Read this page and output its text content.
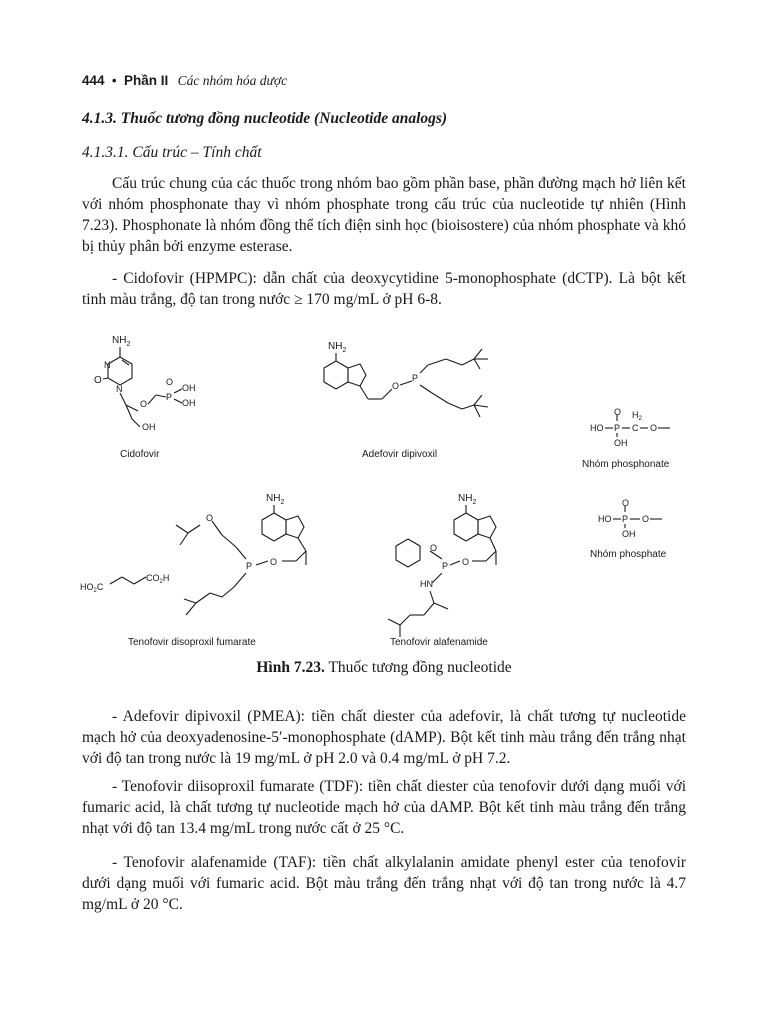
444 • Phần II Các nhóm hóa dược
4.1.3. Thuốc tương đồng nucleotide (Nucleotide analogs)
4.1.3.1. Cấu trúc – Tính chất

Cấu trúc chung của các thuốc trong nhóm bao gồm phần base, phần đường mạch hở liên kết với nhóm phosphonate thay vì nhóm phosphate trong cấu trúc của nucleotide tự nhiên (Hình 7.23). Phosphonate là nhóm đồng thể tích điện sinh học (bioisostere) của nhóm phosphate và khó bị thủy phân bởi enzyme esterase.

- Cidofovir (HPMPC): dẫn chất của deoxycytidine 5-monophosphate (dCTP). Là bột kết tinh màu trắng, độ tan trong nước ≥ 170 mg/mL ở pH 6-8.

$NH_2$
O
N
N
OH
O
P
O
OH
OH
Cidofovir
$NH_2$
O
P
Adefovir dipivoxil
HO P
O
OH
$H_2$
C O
Nhóm phosphonate
$NH_2$
O
P
O
$HO_2C$
$CO_2H$
Tenofovir disoproxil fumarate
$NH_2$
O
P
O
HN
Tenofovir alafenamide
HO P
O
OH
O
Nhóm phosphate
Hình 7.23. Thuốc tương đồng nucleotide

- Adefovir dipivoxil (PMEA): tiền chất diester của adefovir, là chất tương tự nucleotide mạch hở của deoxyadenosine-5′-monophosphate (dAMP). Bột kết tinh màu trắng đến trắng nhạt với độ tan trong nước là 19 mg/mL ở pH 2.0 và 0.4 mg/mL ở pH 7.2.

- Tenofovir diisoproxil fumarate (TDF): tiền chất diester của tenofovir dưới dạng muối với fumaric acid, là chất tương tự nucleotide mạch hở của dAMP. Bột kết tinh màu trắng đến trắng nhạt với độ tan 13.4 mg/mL trong nước cất ở 25 °C.

- Tenofovir alafenamide (TAF): tiền chất alkylalanin amidate phenyl ester của tenofovir dưới dạng muối với fumaric acid. Bột màu trắng đến trắng nhạt với độ tan trong nước là 4.7 mg/mL ở 20 °C.
